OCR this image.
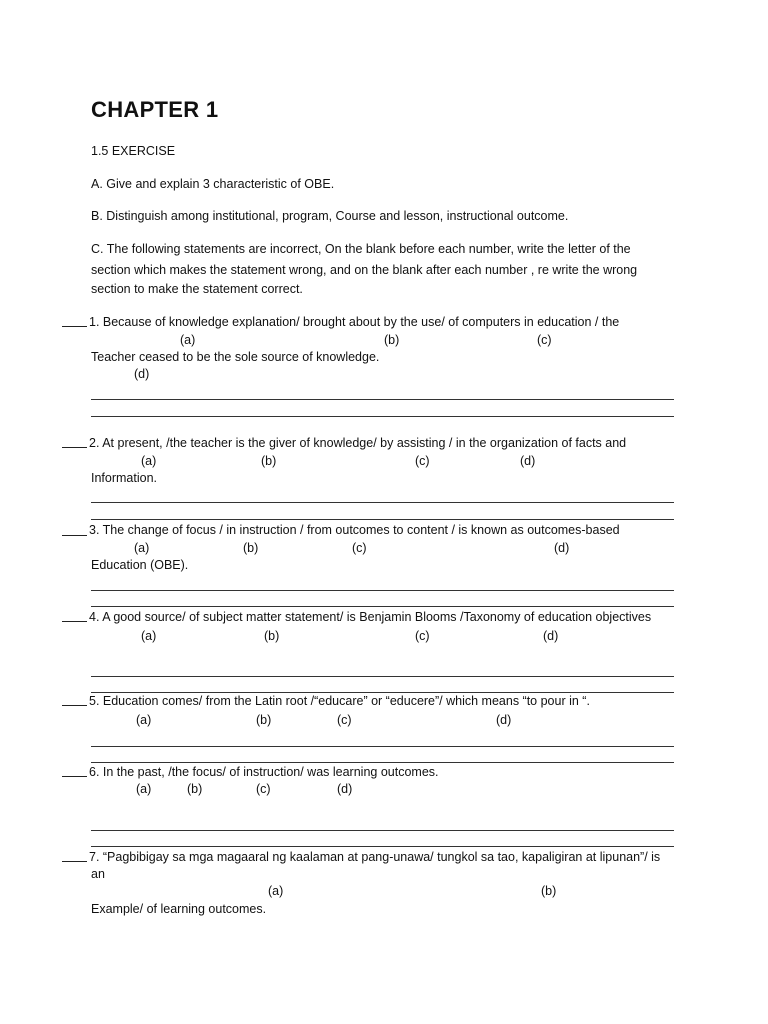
CHAPTER 1
1.5 EXERCISE
A. Give and explain 3 characteristic of OBE.
B. Distinguish among institutional, program, Course and lesson, instructional outcome.
C. The following statements are incorrect, On the blank before each number, write the letter of the
section which makes the statement wrong, and on the blank after each number , re write the wrong
section to make the statement correct.
1. Because of knowledge explanation/ brought about by the use/ of computers in education / the
(a)	(b)	(c)
Teacher ceased to be the sole source of knowledge.
(d)
2. At present, /the teacher is the giver of knowledge/ by assisting / in the organization of facts and
(a)	(b)	(c)	(d)
Information.
3. The change of focus / in instruction / from outcomes to content / is known as outcomes-based
(a)	(b)	(c)	(d)
Education (OBE).
4. A good source/ of subject matter statement/ is Benjamin Blooms /Taxonomy of education objectives
(a)	(b)	(c)	(d)
5. Education comes/ from the Latin root /“educare” or “educere”/ which means “to pour in “.
(a)	(b)	(c)	(d)
6. In the past, /the focus/ of instruction/ was learning outcomes.
(a)	(b)	(c)	(d)
7. “Pagbibigay sa mga magaaral ng kaalaman at pang-unawa/ tungkol sa tao, kapaligiran at lipunan”/ is
an
(a)	(b)
Example/ of learning outcomes.
